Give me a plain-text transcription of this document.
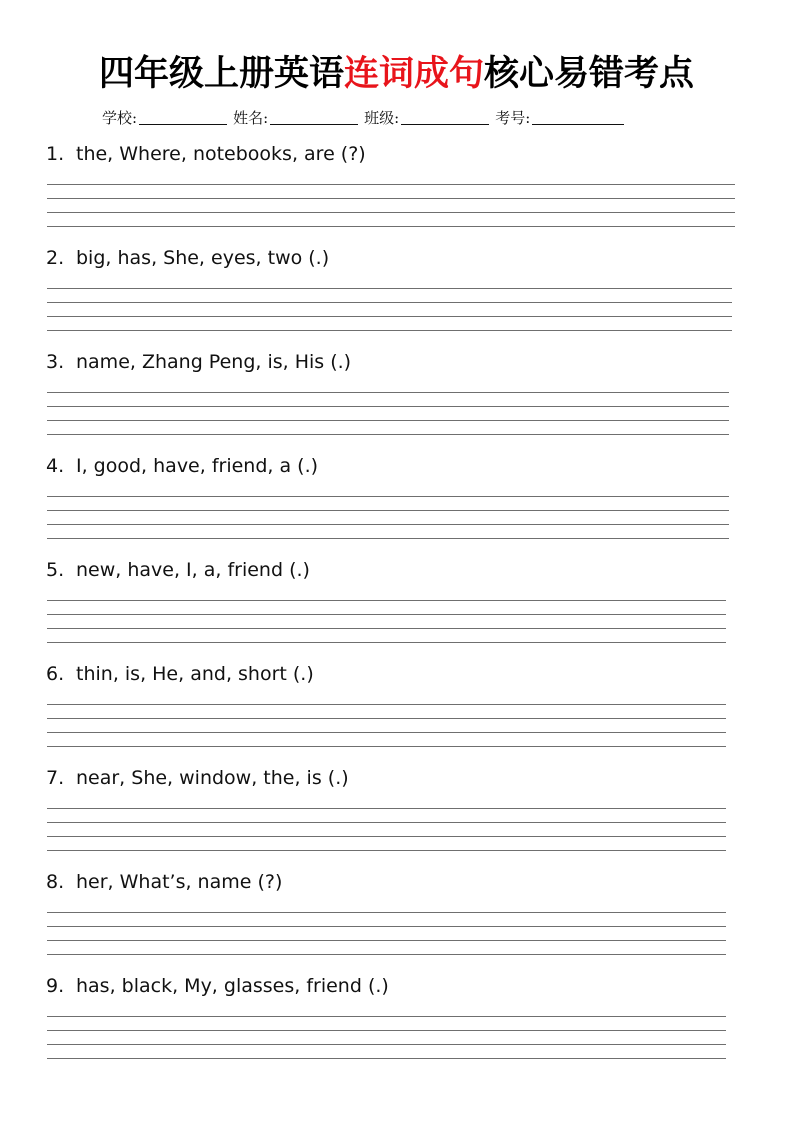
四年级上册英语连词成句核心易错考点
学校:	姓名:	班级:	考号:
1. the, Where, notebooks, are (?)
2. big, has, She, eyes, two (.)
3. name, Zhang Peng, is, His (.)
4. I, good, have, friend, a (.)
5. new, have, I, a, friend (.)
6. thin, is, He, and, short (.)
7. near, She, window, the, is (.)
8. her, What’s, name (?)
9. has, black, My, glasses, friend (.)
